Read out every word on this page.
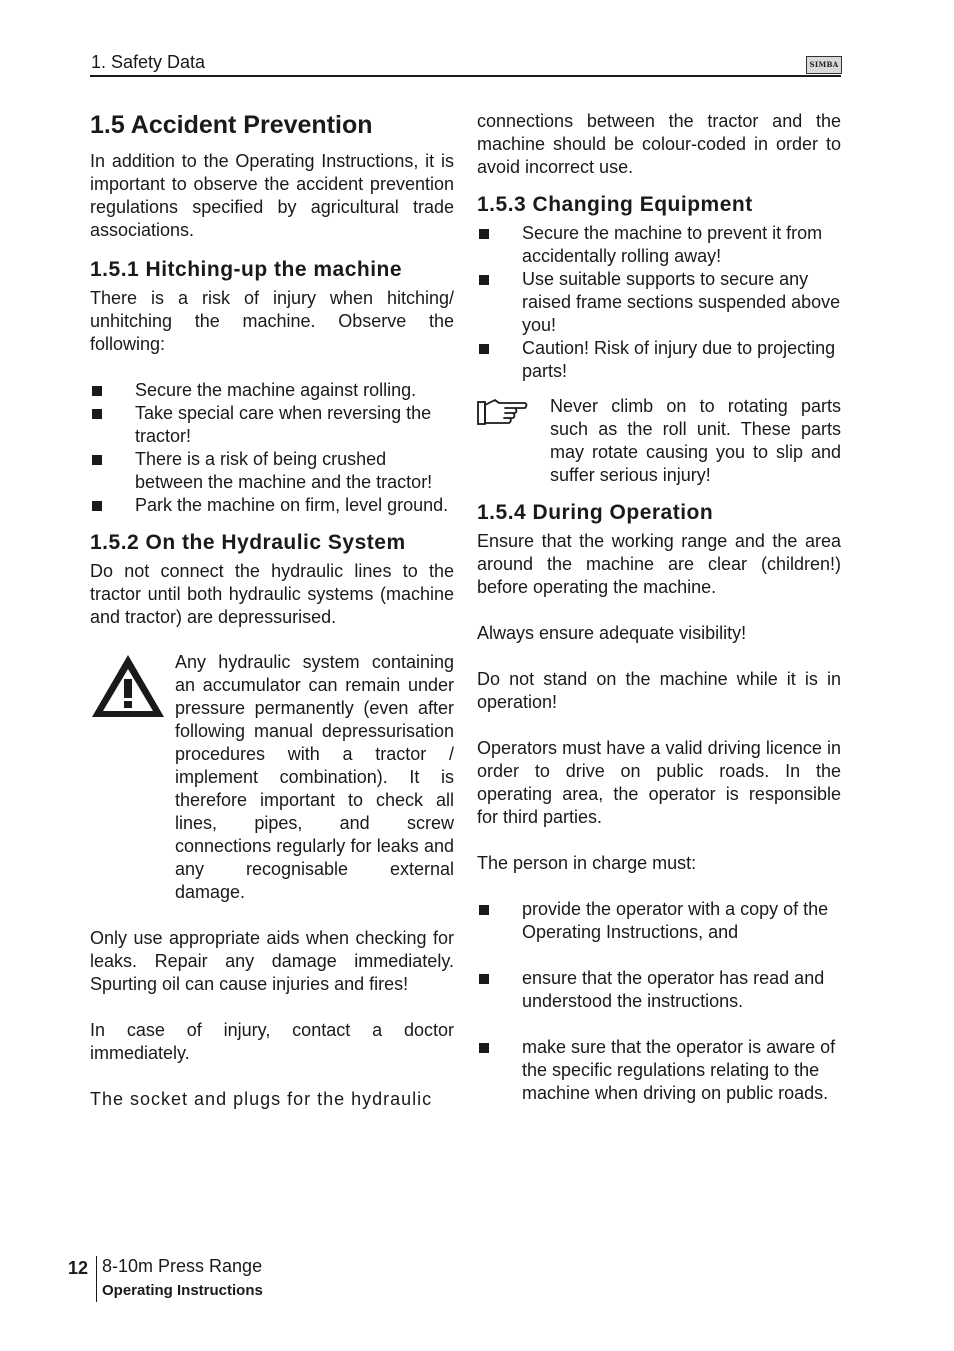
1. Safety Data	SIMBA
1.5 Accident Prevention

In addition to the Operating Instructions, it is important to observe the accident prevention regulations specified by agricultural trade associations.

1.5.1 Hitching-up the machine

There is a risk of injury when hitching/ unhitching the machine. Observe the following:

Secure the machine against rolling.
Take special care when reversing the tractor!
There is a risk of being crushed between the machine and the tractor!
Park the machine on firm, level ground.
1.5.2 On the Hydraulic System

Do not connect the hydraulic lines to the tractor until both hydraulic systems (machine and tractor) are depressurised.

Any hydraulic system containing an accumulator can remain under pressure permanently (even after following manual depressurisation procedures with a tractor / implement combination). It is therefore important to check all lines, pipes, and screw connections regularly for leaks and any recognisable external damage.

Only use appropriate aids when checking for leaks. Repair any damage immediately. Spurting oil can cause injuries and fires!

In case of injury, contact a doctor immediately.

The socket and plugs for the hydraulic

connections between the tractor and the machine should be colour-coded in order to avoid incorrect use.

1.5.3 Changing Equipment
Secure the machine to prevent it from accidentally rolling away!
Use suitable supports to secure any raised frame sections suspended above you!
Caution! Risk of injury due to projecting parts!

Never climb on to rotating parts such as the roll unit. These parts may rotate causing you to slip and suffer serious injury!

1.5.4 During Operation

Ensure that the working range and the area around the machine are clear (children!) before operating the machine.

Always ensure adequate visibility!

Do not stand on the machine while it is in operation!

Operators must have a valid driving licence in order to drive on public roads. In the operating area, the operator is responsible for third parties.

The person in charge must:

provide the operator with a copy of the Operating Instructions, and
ensure that the operator has read and understood the instructions.
make sure that the operator is aware of the specific regulations relating to the machine when driving on public roads.
12 8-10m Press Range
Operating Instructions
